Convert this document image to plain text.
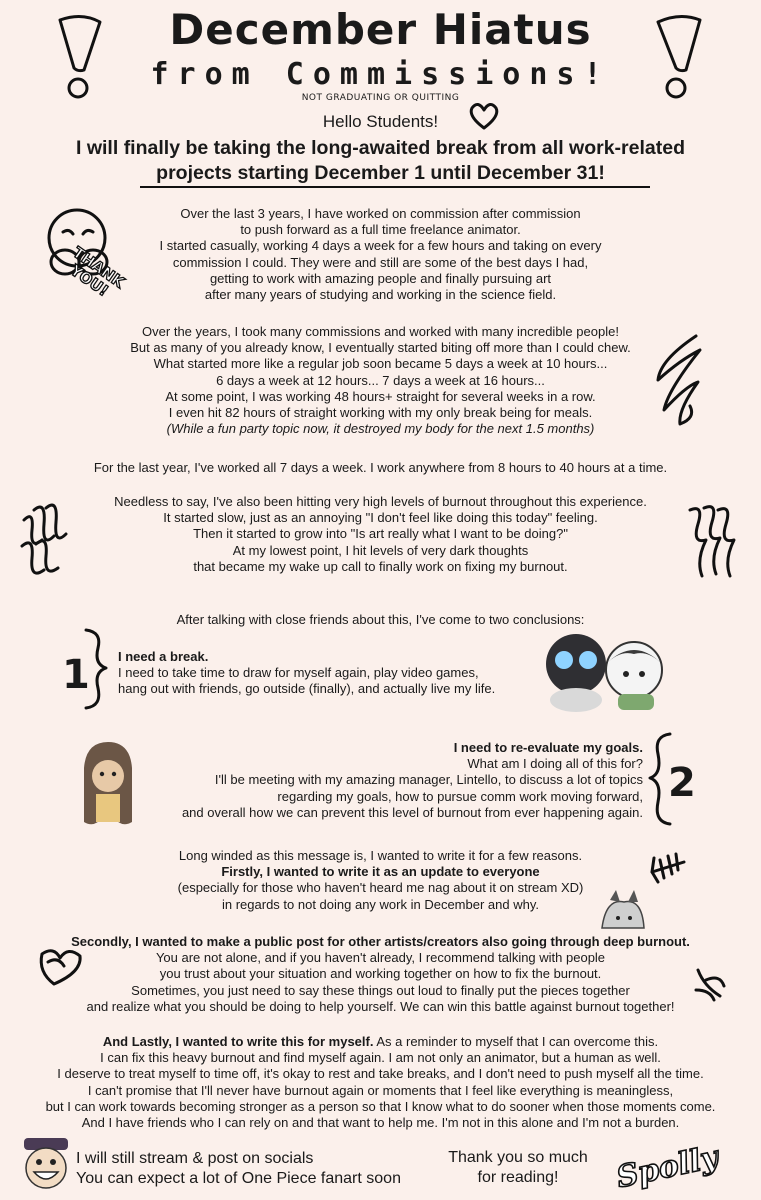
December Hiatus
from Commissions!
NOT GRADUATING OR QUITTING
Hello Students!
I will finally be taking the long-awaited break from all work-related
projects starting December 1 until December 31!
THANK YOU!
Over the last 3 years, I have worked on commission after commission
to push forward as a full time freelance animator.
I started casually, working 4 days a week for a few hours and taking on every
commission I could. They were and still are some of the best days I had,
getting to work with amazing people and finally pursuing art
after many years of studying and working in the science field.
Over the years, I took many commissions and worked with many incredible people!
But as many of you already know, I eventually started biting off more than I could chew.
What started more like a regular job soon became 5 days a week at 10 hours...
6 days a week at 12 hours... 7 days a week at 16 hours...
At some point, I was working 48 hours+ straight for several weeks in a row.
I even hit 82 hours of straight working with my only break being for meals.
(While a fun party topic now, it destroyed my body for the next 1.5 months)
For the last year, I've worked all 7 days a week. I work anywhere from 8 hours to 40 hours at a time.
Needless to say, I've also been hitting very high levels of burnout throughout this experience.
It started slow, just as an annoying "I don't feel like doing this today" feeling.
Then it started to grow into "Is art really what I want to be doing?"
At my lowest point, I hit levels of very dark thoughts
that became my wake up call to finally work on fixing my burnout.
After talking with close friends about this, I've come to two conclusions:
1 I need a break.
I need to take time to draw for myself again, play video games,
hang out with friends, go outside (finally), and actually live my life.
I need to re-evaluate my goals.
What am I doing all of this for?
I'll be meeting with my amazing manager, Lintello, to discuss a lot of topics
regarding my goals, how to pursue comm work moving forward,
and overall how we can prevent this level of burnout from ever happening again.
2
Long winded as this message is, I wanted to write it for a few reasons.
Firstly, I wanted to write it as an update to everyone
(especially for those who haven't heard me nag about it on stream XD)
in regards to not doing any work in December and why.
Secondly, I wanted to make a public post for other artists/creators also going through deep burnout.
You are not alone, and if you haven't already, I recommend talking with people
you trust about your situation and working together on how to fix the burnout.
Sometimes, you just need to say these things out loud to finally put the pieces together
and realize what you should be doing to help yourself. We can win this battle against burnout together!
And Lastly, I wanted to write this for myself. As a reminder to myself that I can overcome this.
I can fix this heavy burnout and find myself again. I am not only an animator, but a human as well.
I deserve to treat myself to time off, it's okay to rest and take breaks, and I don't need to push myself all the time.
I can't promise that I'll never have burnout again or moments that I feel like everything is meaningless,
but I can work towards becoming stronger as a person so that I know what to do sooner when those moments come.
And I have friends who I can rely on and that want to help me. I'm not in this alone and I'm not a burden.
I will still stream & post on socials
You can expect a lot of One Piece fanart soon
Thank you so much
for reading!	Spolly
